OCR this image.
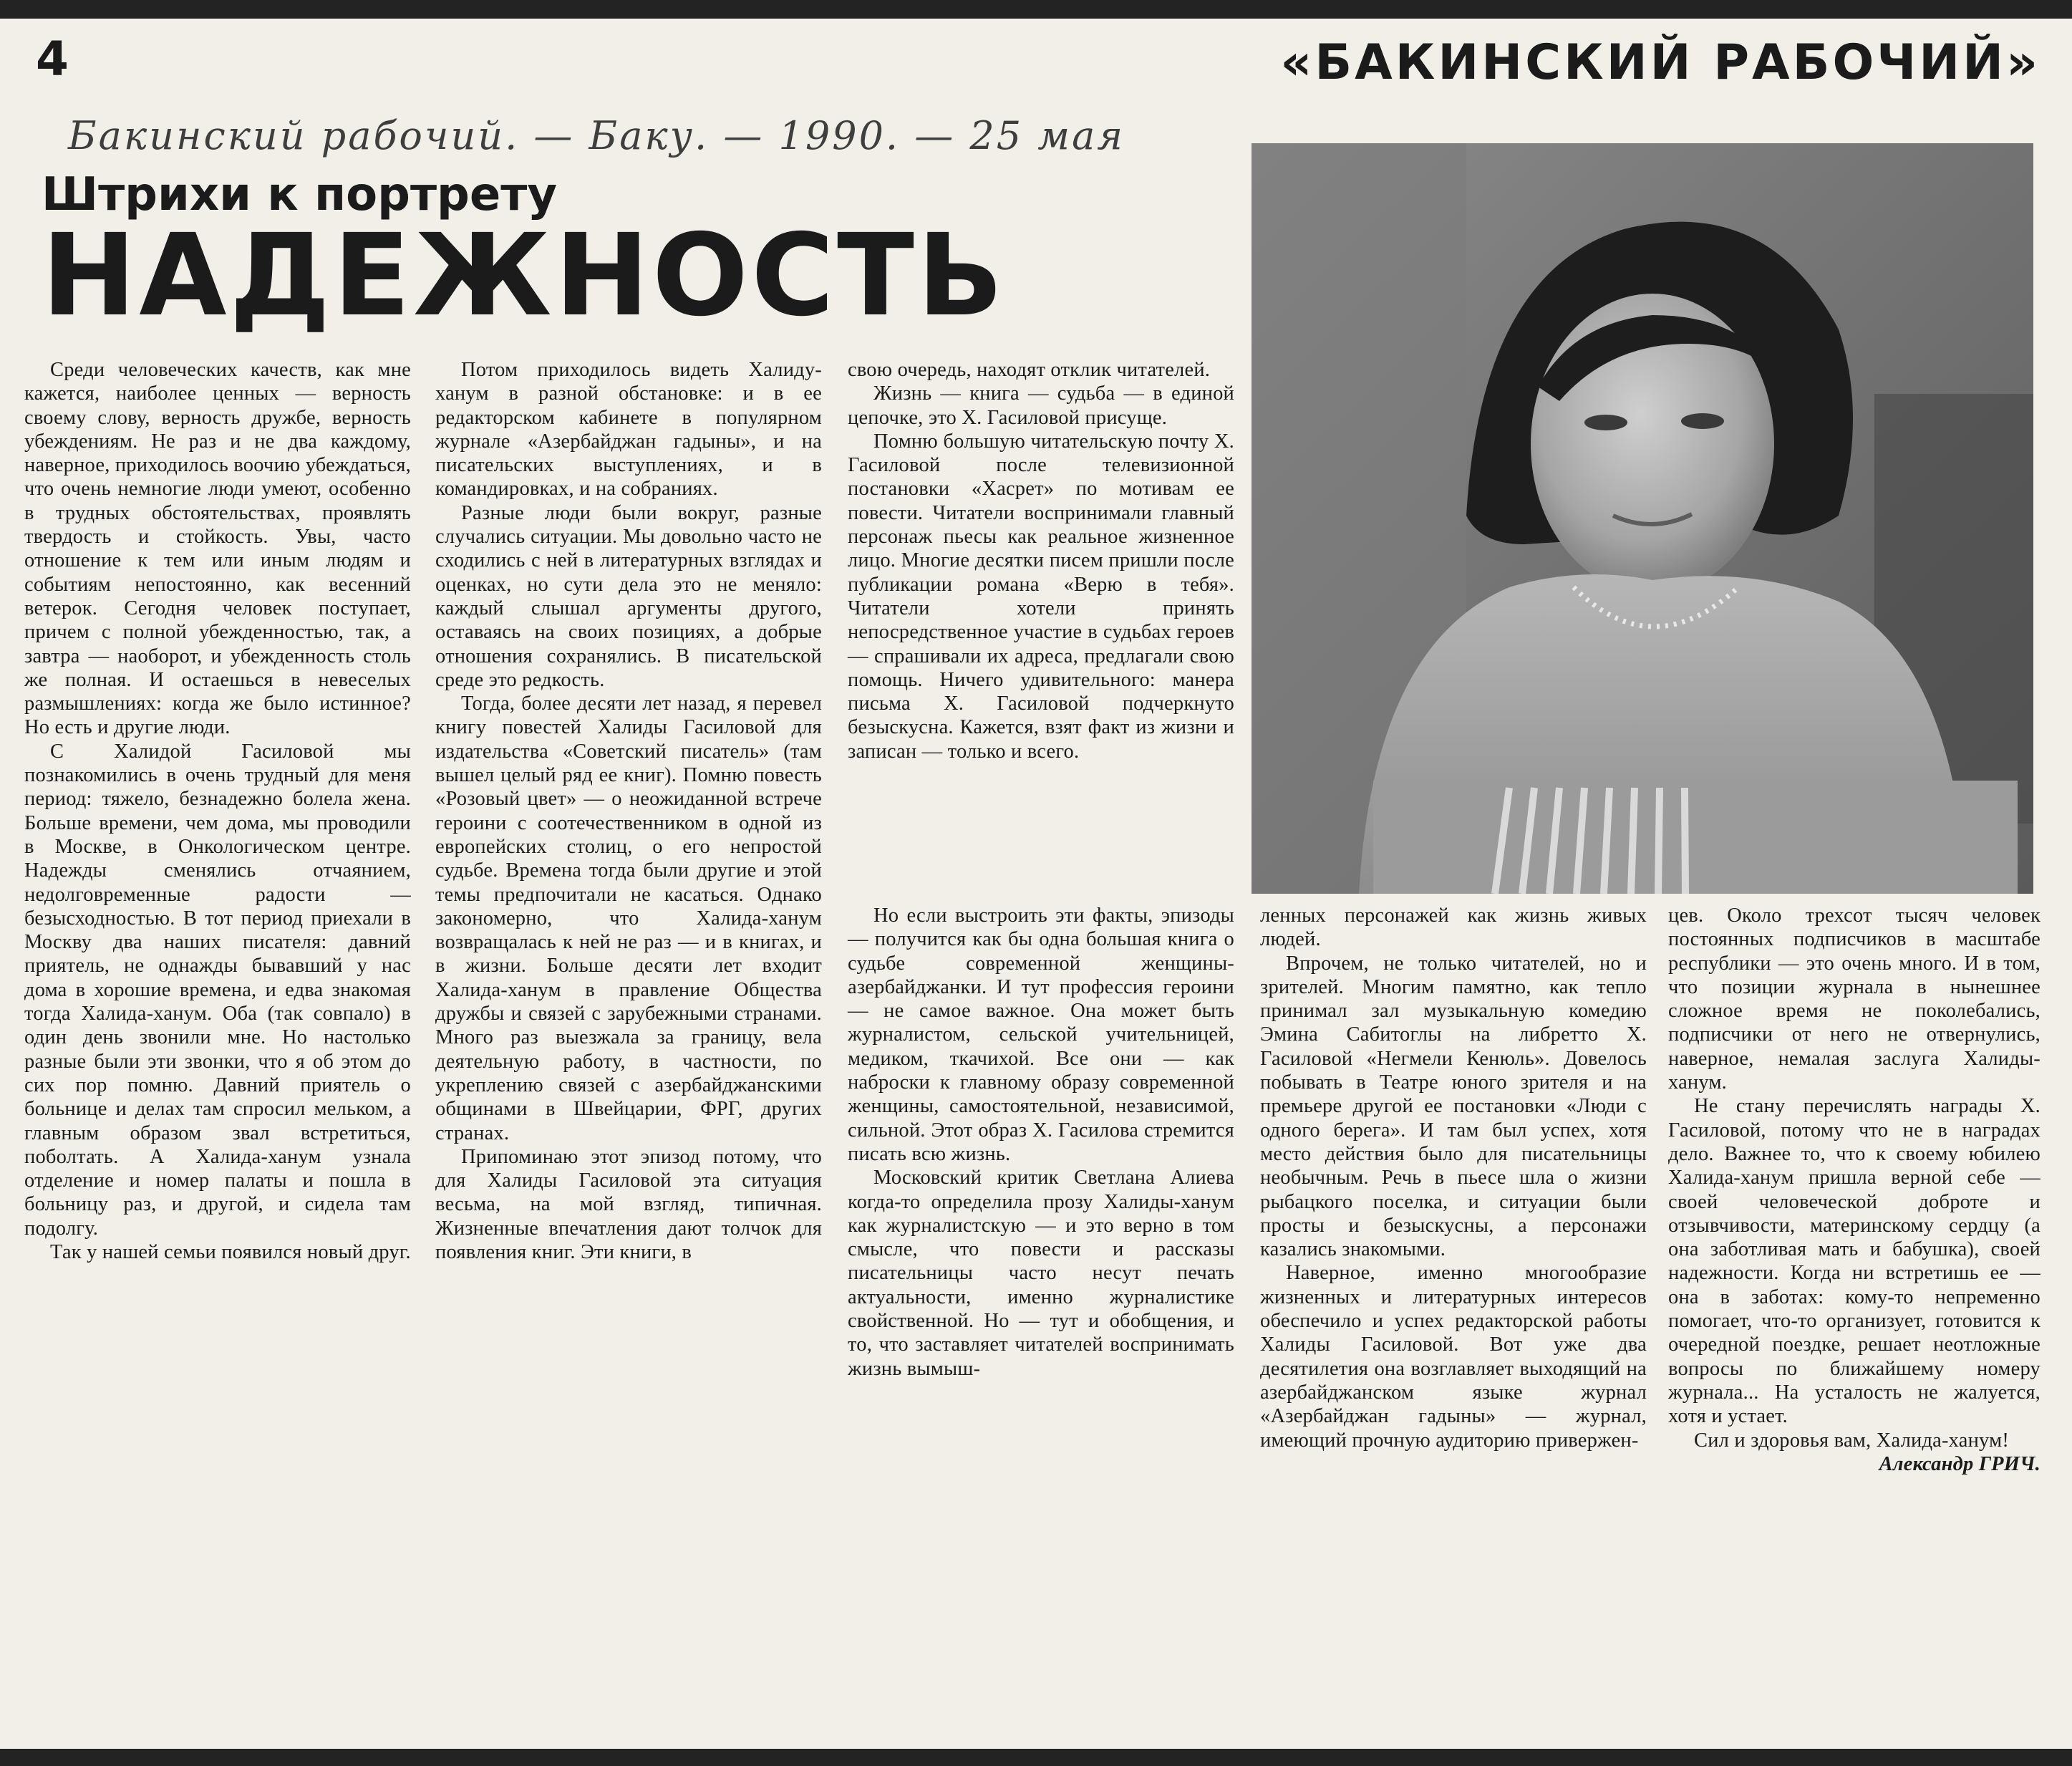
4	«БАКИНСКИЙ РАБОЧИЙ»
Бакинский рабочий. — Баку. — 1990. — 25 мая
Штрихи к портрету
НАДЕЖНОСТЬ

Среди человеческих качеств, как мне кажется, наиболее ценных — верность своему слову, верность дружбе, верность убеждениям. Не раз и не два каждому, наверное, приходилось воочию убеждаться, что очень немногие люди умеют, особенно в трудных обстоятельствах, проявлять твердость и стойкость. Увы, часто отношение к тем или иным людям и событиям непостоянно, как весенний ветерок. Сегодня человек поступает, причем с полной убежденностью, так, а завтра — наоборот, и убежденность столь же полная. И остаешься в невеселых размышлениях: когда же было истинное? Но есть и другие люди.

С Халидой Гасиловой мы познакомились в очень трудный для меня период: тяжело, безнадежно болела жена. Больше времени, чем дома, мы проводили в Москве, в Онкологическом центре. Надежды сменялись отчаянием, недолговременные радости — безысходностью. В тот период приехали в Москву два наших писателя: давний приятель, не однажды бывавший у нас дома в хорошие времена, и едва знакомая тогда Халида-ханум. Оба (так совпало) в один день звонили мне. Но настолько разные были эти звонки, что я об этом до сих пор помню. Давний приятель о больнице и делах там спросил мельком, а главным образом звал встретиться, поболтать. А Халида-ханум узнала отделение и номер палаты и пошла в больницу раз, и другой, и сидела там подолгу.

Так у нашей семьи появился новый друг.

Потом приходилось видеть Халиду-ханум в разной обстановке: и в ее редакторском кабинете в популярном журнале «Азербайджан гадыны», и на писательских выступлениях, и в командировках, и на собраниях.

Разные люди были вокруг, разные случались ситуации. Мы довольно часто не сходились с ней в литературных взглядах и оценках, но сути дела это не меняло: каждый слышал аргументы другого, оставаясь на своих позициях, а добрые отношения сохранялись. В писательской среде это редкость.

Тогда, более десяти лет назад, я перевел книгу повестей Халиды Гасиловой для издательства «Советский писатель» (там вышел целый ряд ее книг). Помню повесть «Розовый цвет» — о неожиданной встрече героини с соотечественником в одной из европейских столиц, о его непростой судьбе. Времена тогда были другие и этой темы предпочитали не касаться. Однако закономерно, что Халида-ханум возвращалась к ней не раз — и в книгах, и в жизни. Больше десяти лет входит Халида-ханум в правление Общества дружбы и связей с зарубежными странами. Много раз выезжала за границу, вела деятельную работу, в частности, по укреплению связей с азербайджанскими общинами в Швейцарии, ФРГ, других странах.

Припоминаю этот эпизод потому, что для Халиды Гасиловой эта ситуация весьма, на мой взгляд, типичная. Жизненные впечатления дают толчок для появления книг. Эти книги, в

свою очередь, находят отклик читателей.

Жизнь — книга — судьба — в единой цепочке, это Х. Гасиловой присуще.

Помню большую читательскую почту Х. Гасиловой после телевизионной постановки «Хасрет» по мотивам ее повести. Читатели воспринимали главный персонаж пьесы как реальное жизненное лицо. Многие десятки писем пришли после публикации романа «Верю в тебя». Читатели хотели принять непосредственное участие в судьбах героев — спрашивали их адреса, предлагали свою помощь. Ничего удивительного: манера письма Х. Гасиловой подчеркнуто безыскусна. Кажется, взят факт из жизни и записан — только и всего.

Но если выстроить эти факты, эпизоды — получится как бы одна большая книга о судьбе современной женщины-азербайджанки. И тут профессия героини — не самое важное. Она может быть журналистом, сельской учительницей, медиком, ткачихой. Все они — как наброски к главному образу современной женщины, самостоятельной, независимой, сильной. Этот образ Х. Гасилова стремится писать всю жизнь.

Московский критик Светлана Алиева когда-то определила прозу Халиды-ханум как журналистскую — и это верно в том смысле, что повести и рассказы писательницы часто несут печать актуальности, именно журналистике свойственной. Но — тут и обобщения, и то, что заставляет читателей воспринимать жизнь вымыш-

ленных персонажей как жизнь живых людей.

Впрочем, не только читателей, но и зрителей. Многим памятно, как тепло принимал зал музыкальную комедию Эмина Сабитоглы на либретто Х. Гасиловой «Негмели Кенюль». Довелось побывать в Театре юного зрителя и на премьере другой ее постановки «Люди с одного берега». И там был успех, хотя место действия было для писательницы необычным. Речь в пьесе шла о жизни рыбацкого поселка, и ситуации были просты и безыскусны, а персонажи казались знакомыми.

Наверное, именно многообразие жизненных и литературных интересов обеспечило и успех редакторской работы Халиды Гасиловой. Вот уже два десятилетия она возглавляет выходящий на азербайджанском языке журнал «Азербайджан гадыны» — журнал, имеющий прочную аудиторию привержен-

цев. Около трехсот тысяч человек постоянных подписчиков в масштабе республики — это очень много. И в том, что позиции журнала в нынешнее сложное время не поколебались, подписчики от него не отвернулись, наверное, немалая заслуга Халиды-ханум.

Не стану перечислять награды Х. Гасиловой, потому что не в наградах дело. Важнее то, что к своему юбилею Халида-ханум пришла верной себе — своей человеческой доброте и отзывчивости, материнскому сердцу (а она заботливая мать и бабушка), своей надежности. Когда ни встретишь ее — она в заботах: кому-то непременно помогает, что-то организует, готовится к очередной поездке, решает неотложные вопросы по ближайшему номеру журнала... На усталость не жалуется, хотя и устает.

Сил и здоровья вам, Халида-ханум!

Александр ГРИЧ.
